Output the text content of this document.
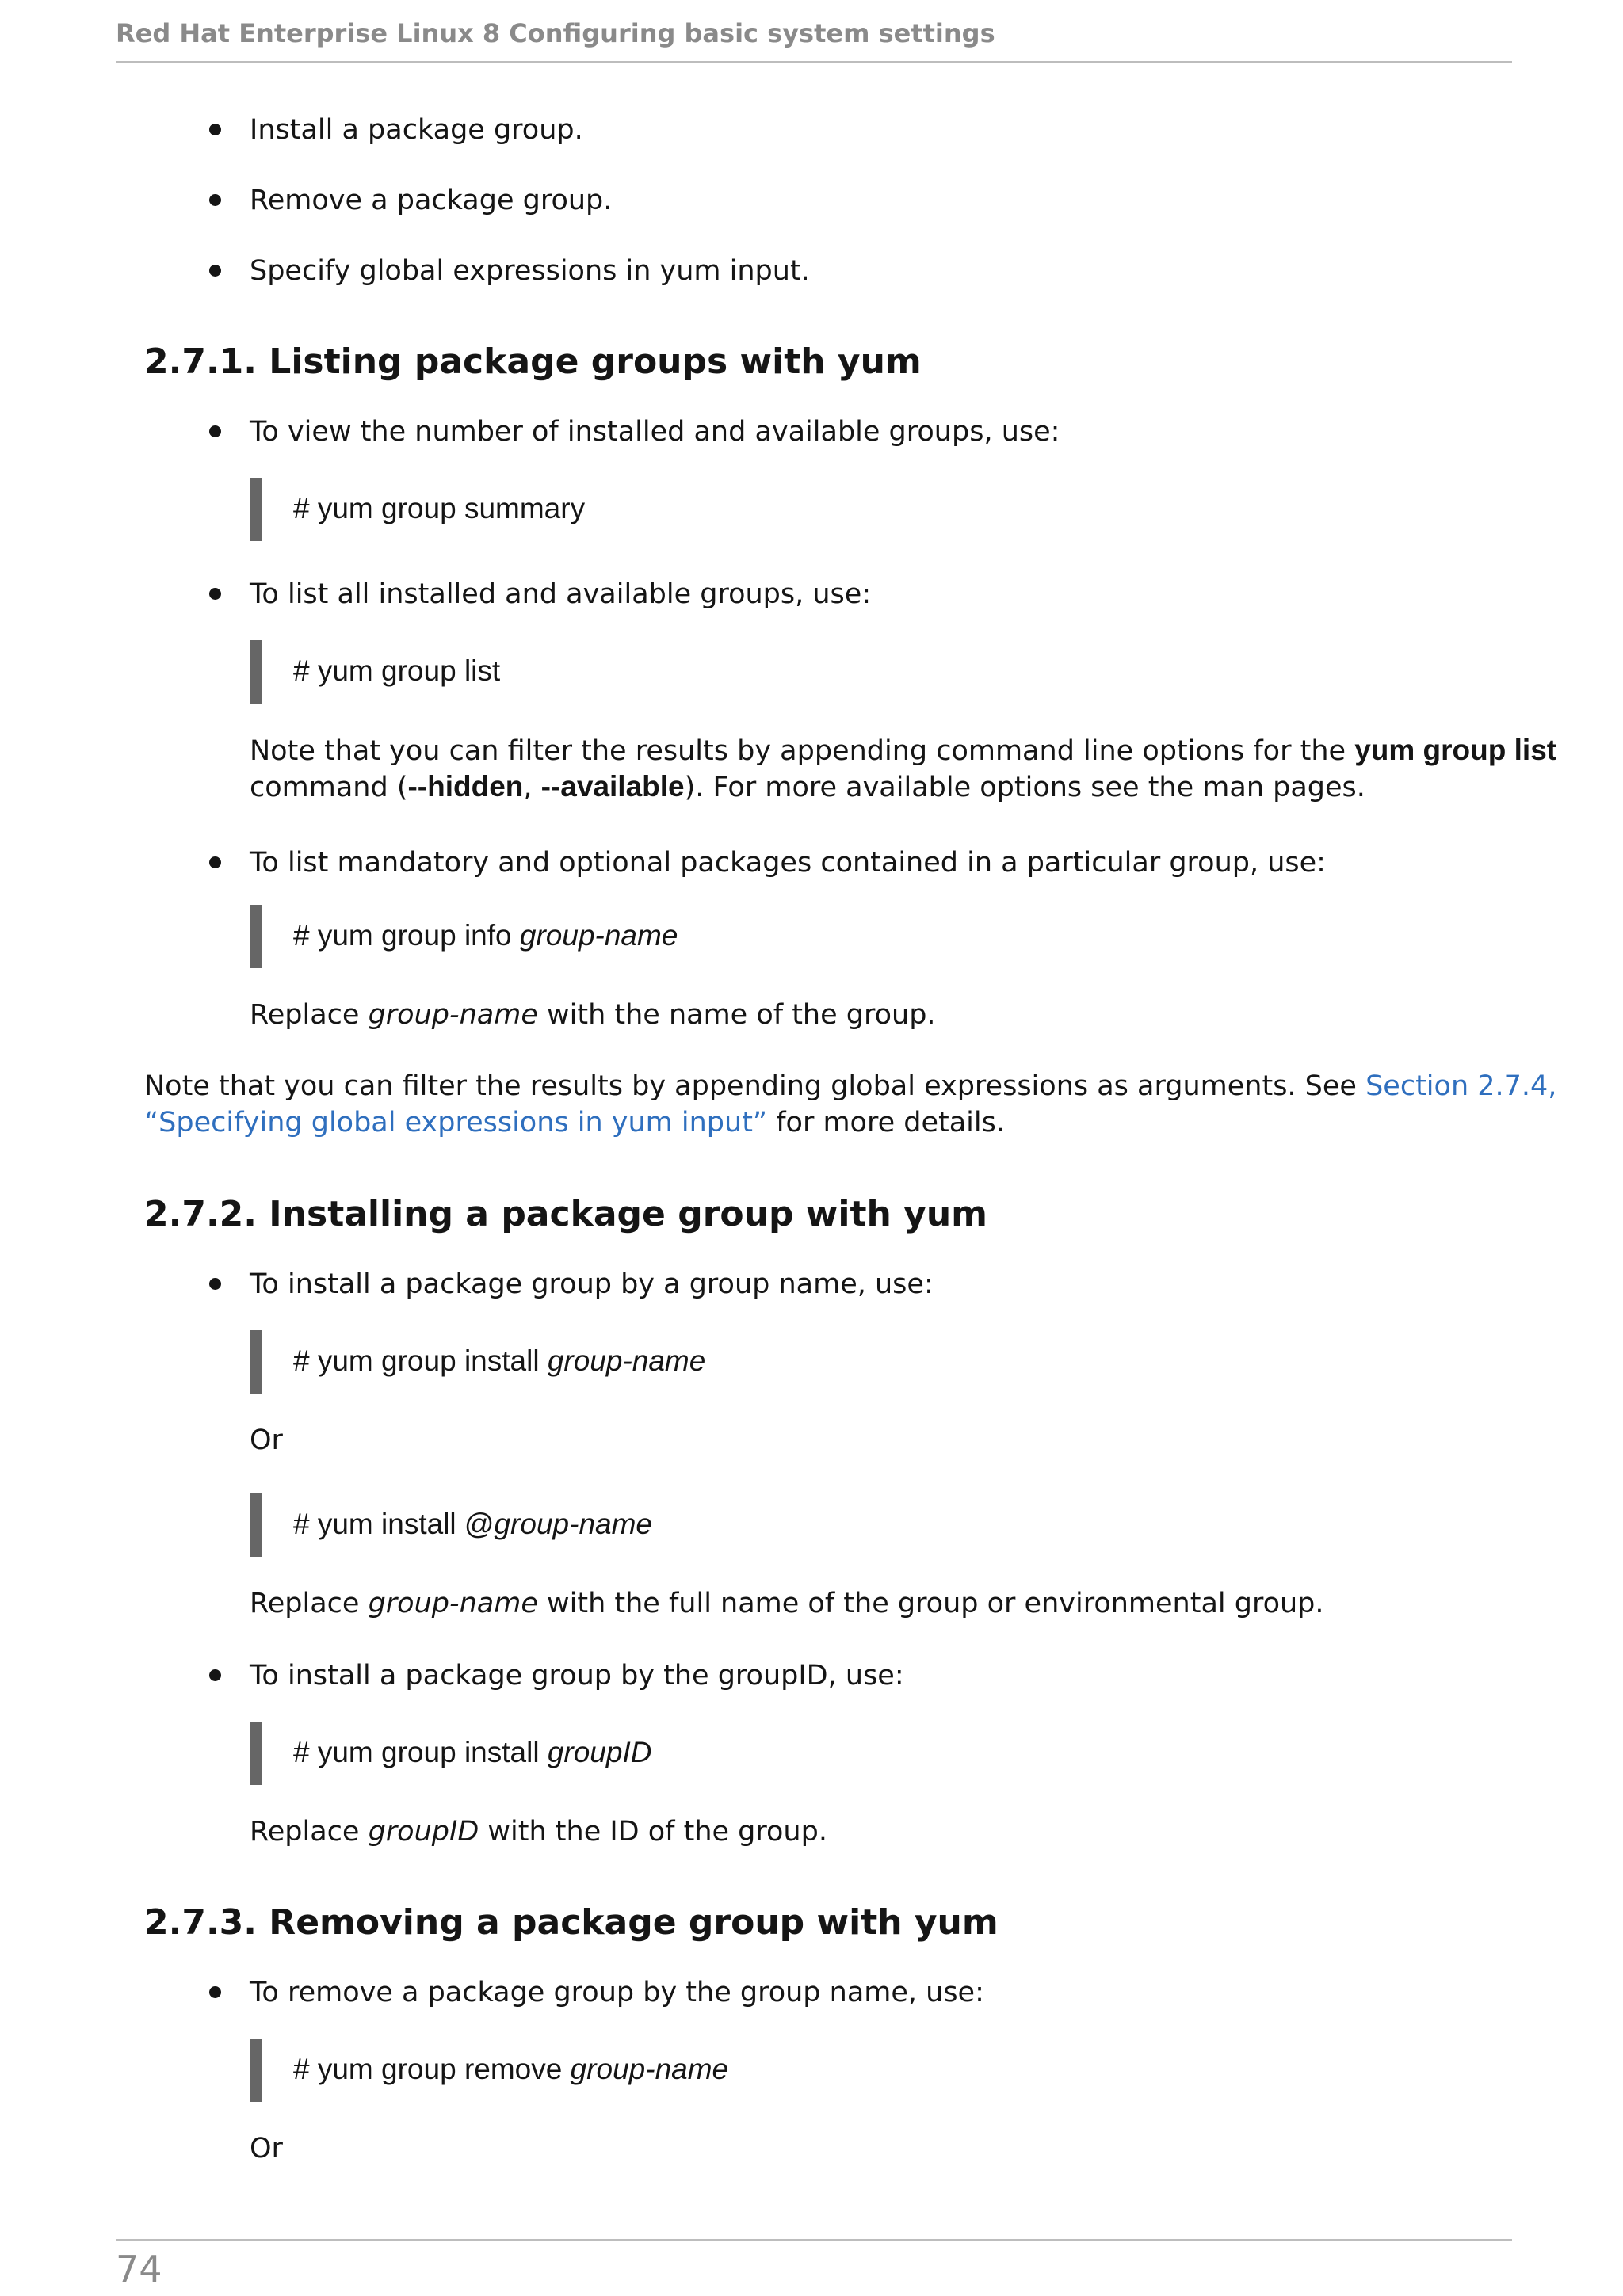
Red Hat Enterprise Linux 8 Configuring basic system settings
Install a package group.
Remove a package group.
Specify global expressions in yum input.
2.7.1. Listing package groups with yum
To view the number of installed and available groups, use:
# yum group summary
To list all installed and available groups, use:
# yum group list
Note that you can filter the results by appending command line options for the yum group list
command (--hidden, --available). For more available options see the man pages.
To list mandatory and optional packages contained in a particular group, use:
# yum group info group-name
Replace group-name with the name of the group.
Note that you can filter the results by appending global expressions as arguments. See Section 2.7.4,
“Specifying global expressions in yum input” for more details.
2.7.2. Installing a package group with yum
To install a package group by a group name, use:
# yum group install group-name
Or
# yum install @group-name
Replace group-name with the full name of the group or environmental group.
To install a package group by the groupID, use:
# yum group install groupID
Replace groupID with the ID of the group.
2.7.3. Removing a package group with yum
To remove a package group by the group name, use:
# yum group remove group-name
Or
74
